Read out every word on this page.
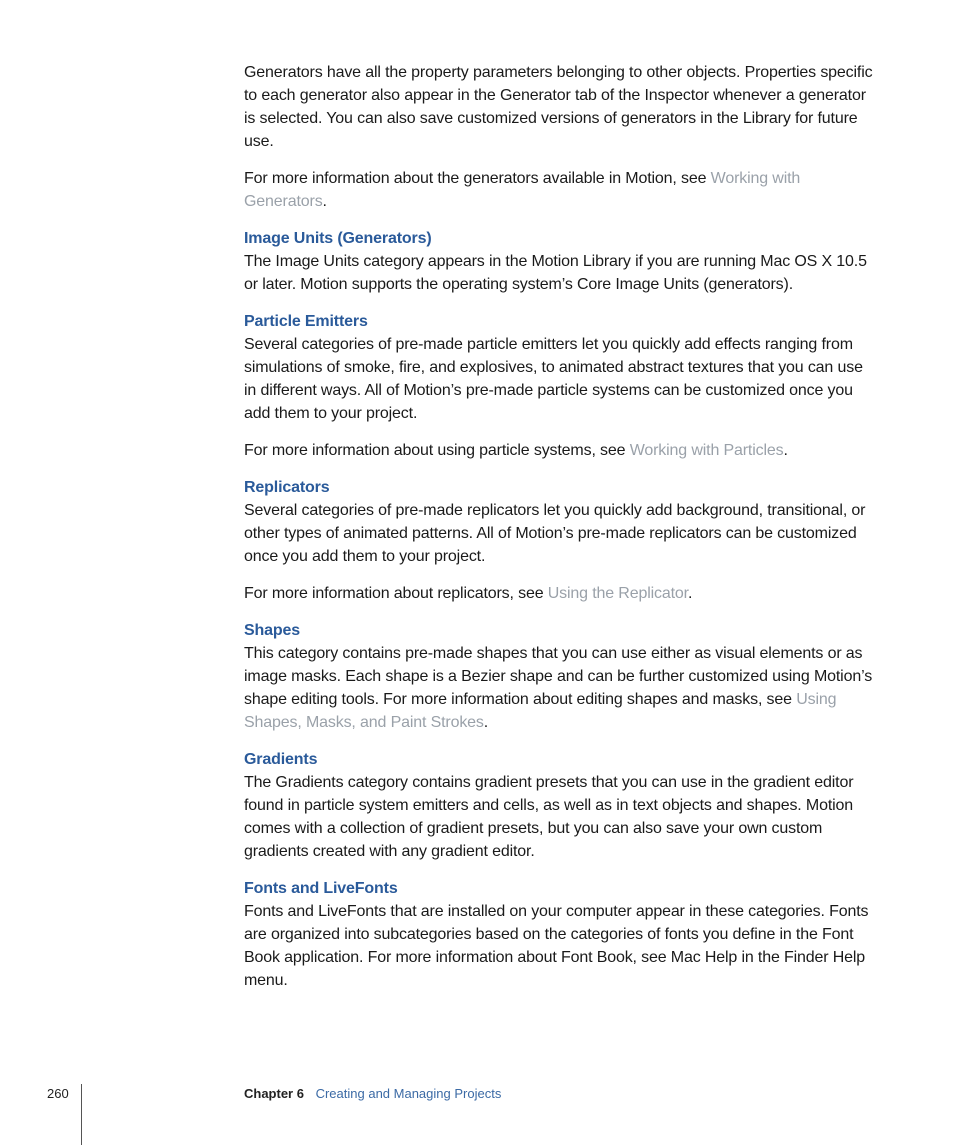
Generators have all the property parameters belonging to other objects. Properties specific to each generator also appear in the Generator tab of the Inspector whenever a generator is selected. You can also save customized versions of generators in the Library for future use.

For more information about the generators available in Motion, see Working with Generators.

Image Units (Generators)

The Image Units category appears in the Motion Library if you are running Mac OS X 10.5 or later. Motion supports the operating system’s Core Image Units (generators).

Particle Emitters

Several categories of pre-made particle emitters let you quickly add effects ranging from simulations of smoke, fire, and explosives, to animated abstract textures that you can use in different ways. All of Motion’s pre-made particle systems can be customized once you add them to your project.

For more information about using particle systems, see Working with Particles.

Replicators

Several categories of pre-made replicators let you quickly add background, transitional, or other types of animated patterns. All of Motion’s pre-made replicators can be customized once you add them to your project.

For more information about replicators, see Using the Replicator.

Shapes

This category contains pre-made shapes that you can use either as visual elements or as image masks. Each shape is a Bezier shape and can be further customized using Motion’s shape editing tools. For more information about editing shapes and masks, see Using Shapes, Masks, and Paint Strokes.

Gradients

The Gradients category contains gradient presets that you can use in the gradient editor found in particle system emitters and cells, as well as in text objects and shapes. Motion comes with a collection of gradient presets, but you can also save your own custom gradients created with any gradient editor.

Fonts and LiveFonts

Fonts and LiveFonts that are installed on your computer appear in these categories. Fonts are organized into subcategories based on the categories of fonts you define in the Font Book application. For more information about Font Book, see Mac Help in the Finder Help menu.

260	Chapter 6 Creating and Managing Projects
